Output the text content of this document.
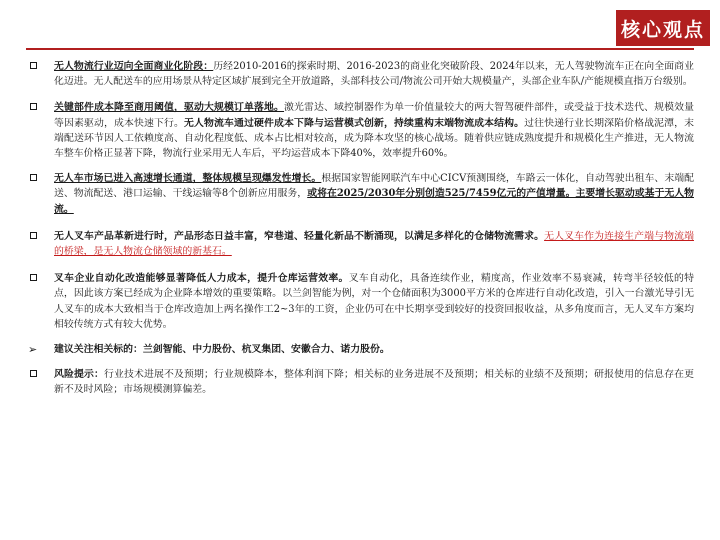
核心观点
无人物流行业迈向全面商业化阶段：历经2010-2016的探索时期、2016-2023的商业化突破阶段、2024年以来，无人驾驶物流车正在向全面商业化迈进。无人配送车的应用场景从特定区域扩展到完全开放道路，头部科技公司/物流公司开始大规模量产，头部企业车队/产能规模直指万台级别。
关键部件成本降至商用阈值，驱动大规模订单落地。激光雷达、域控制器作为单一价值量较大的两大智驾硬件部件，或受益于技术迭代、规模效量等因素驱动，成本快速下行。无人物流车通过硬件成本下降与运营模式创新，持续重构末端物流成本结构。过往快递行业长期深陷价格战泥潭，末端配送环节因人工依赖度高、自动化程度低、成本占比相对较高，成为降本攻坚的核心战场。随着供应链成熟度提升和规模化生产推进，无人物流车整车价格正显著下降，物流行业采用无人车后，平均运营成本下降40%，效率提升60%。
无人车市场已进入高速增长通道，整体规模呈现爆发性增长。根据国家智能网联汽车中心CICV预测围绕，车路云一体化，自动驾驶出租车、末端配送、物流配送、港口运输、干线运输等8个创新应用服务，或将在2025/2030年分别创造525/7459亿元的产值增量。主要增长驱动或基于无人物流。
无人叉车产品革新进行时，产品形态日益丰富，窄巷道、轻量化新品不断涌现，以满足多样化的仓储物流需求。无人叉车作为连接生产端与物流端的桥梁，是无人物流仓储领域的新基石。
叉车企业自动化改造能够显著降低人力成本，提升仓库运营效率。叉车自动化，具备连续作业，精度高，作业效率不易衰减，转弯半径较低的特点，因此该方案已经成为企业降本增效的重要策略。以兰剑智能为例，对一个仓储面积为3000平方米的仓库进行自动化改造，引入一台激光导引无人叉车的成本大致相当于仓库改造加上两名操作工2~3年的工资，企业仍可在中长期享受到较好的投资回报收益，从多角度而言，无人叉车方案均相较传统方式有较大优势。
➢ 建议关注相关标的：兰剑智能、中力股份、杭叉集团、安徽合力、诺力股份。
风险提示：行业技术进展不及预期；行业规模降本，整体利润下降；相关标的业务进展不及预期；相关标的业绩不及预期；研报使用的信息存在更新不及时风险；市场规模测算偏差。
